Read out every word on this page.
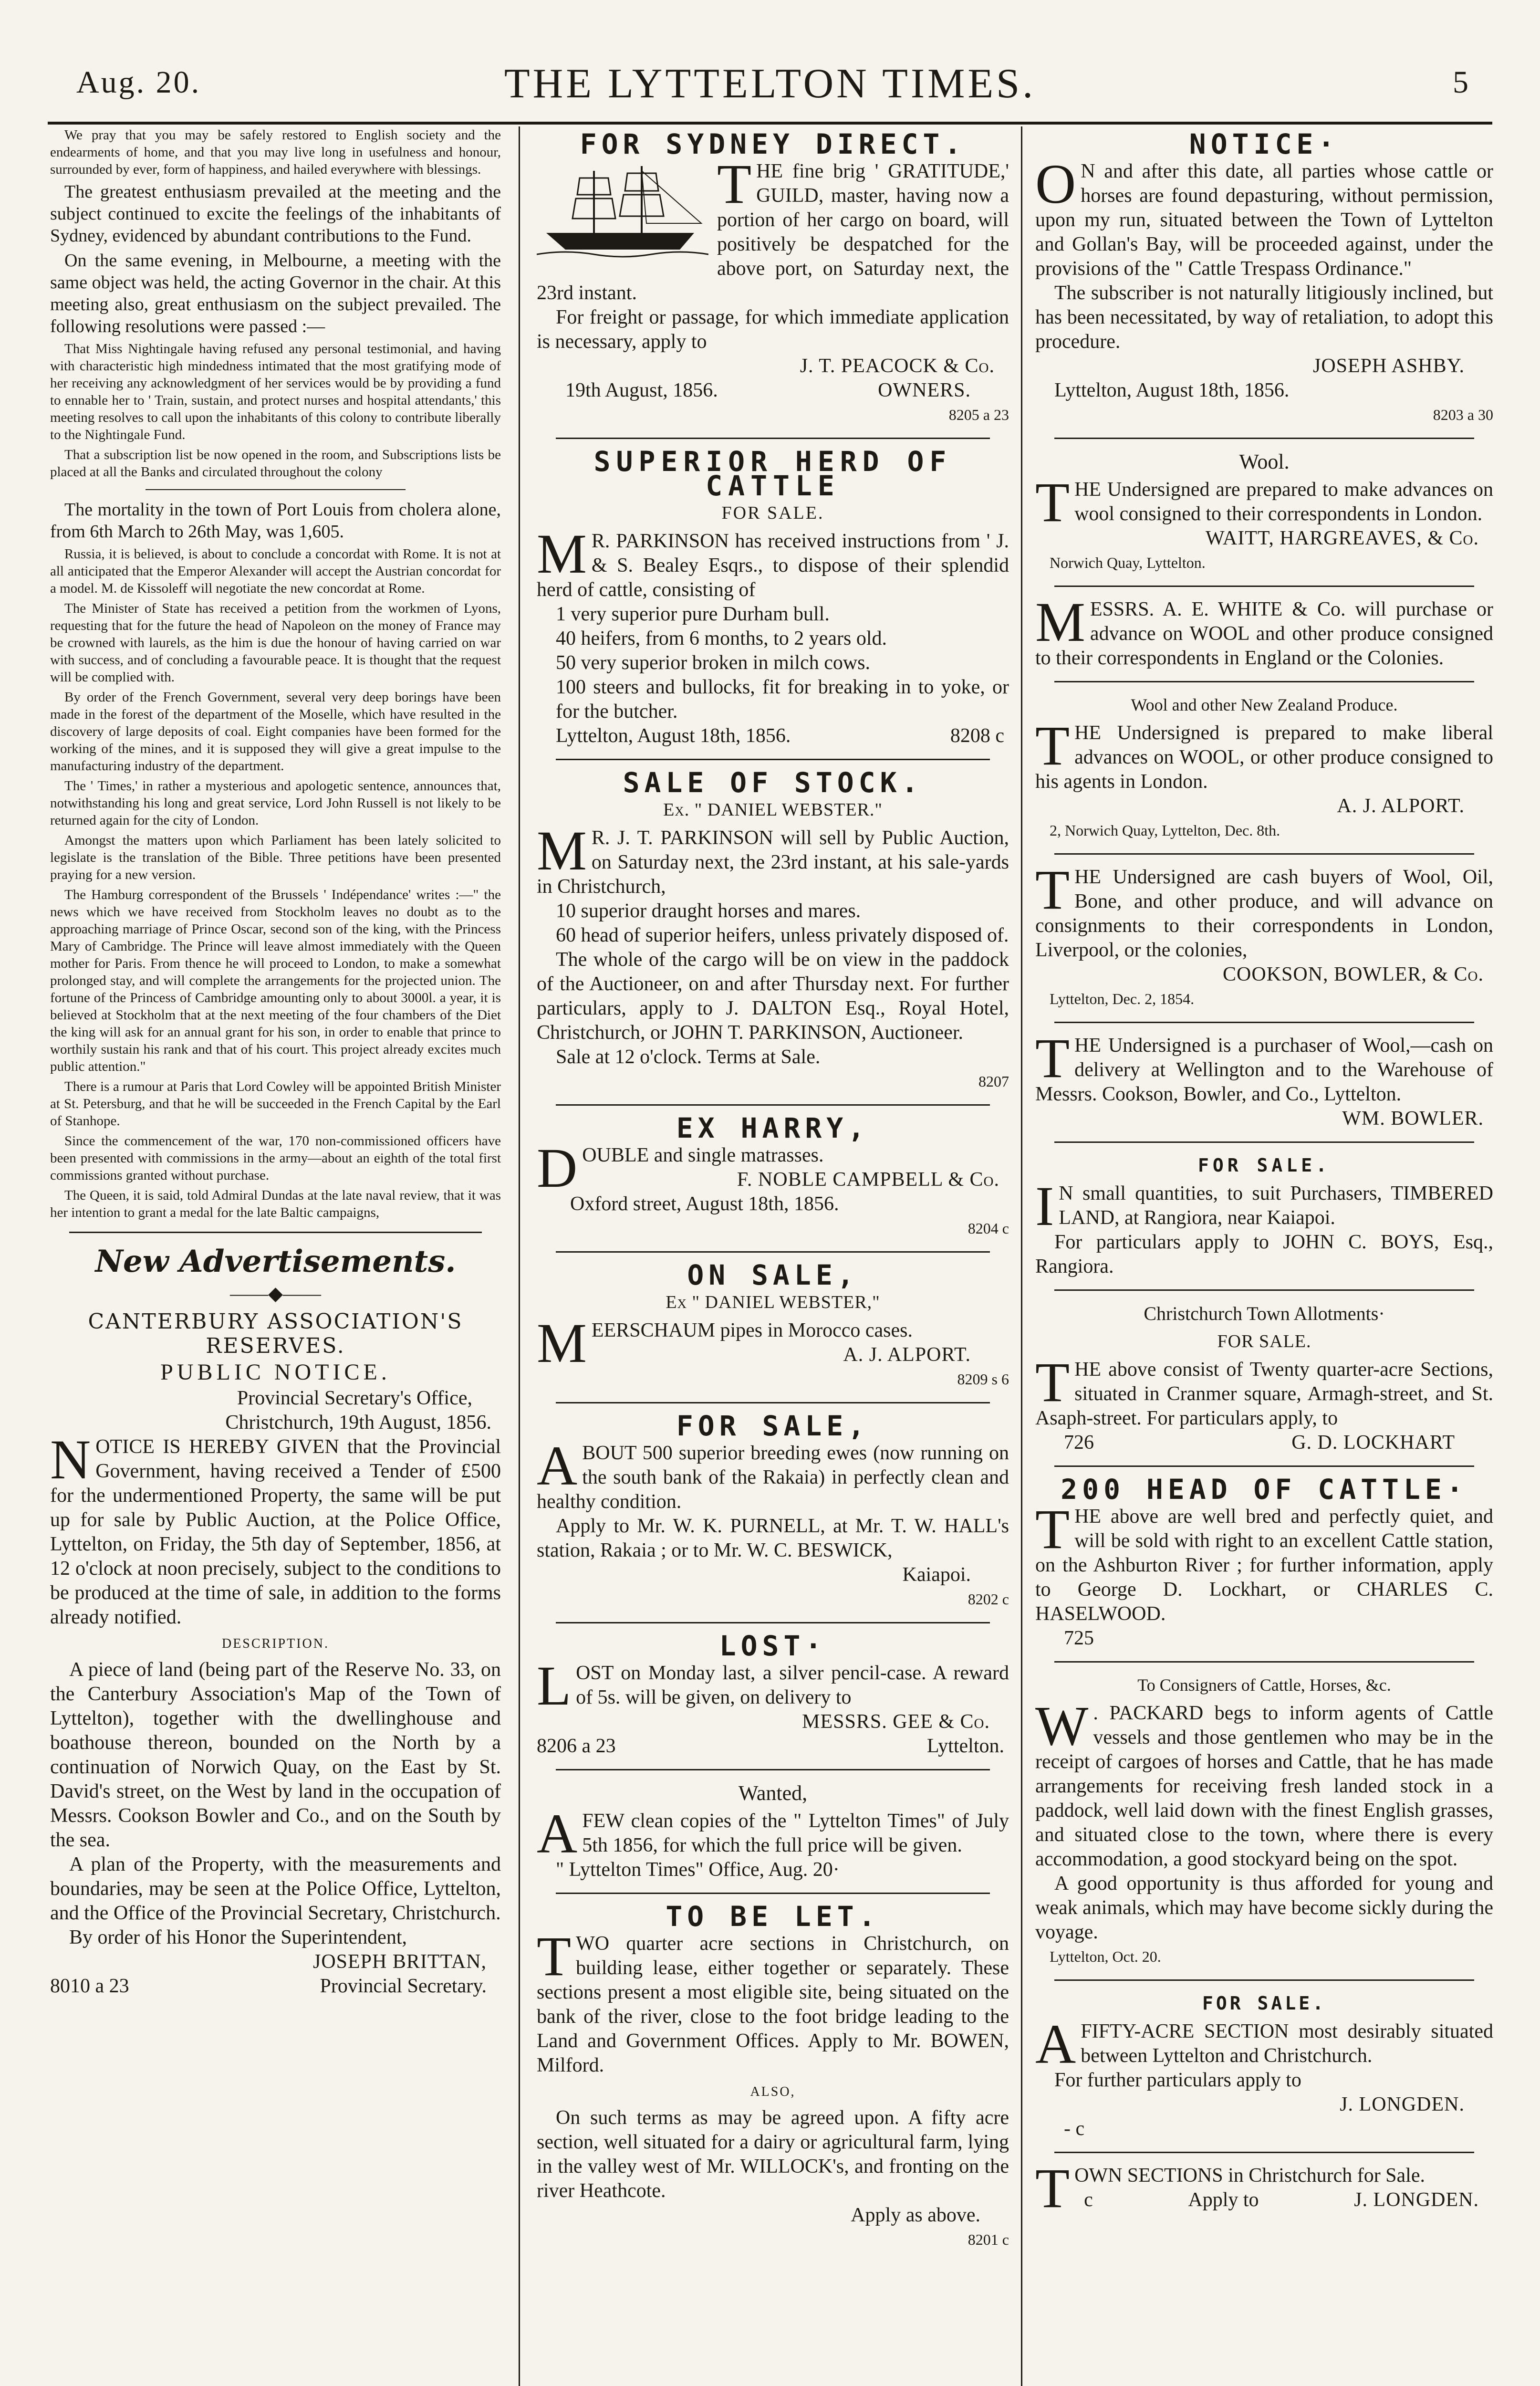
Aug. 20.	THE LYTTELTON TIMES.	5

We pray that you may be safely restored to English society and the endearments of home, and that you may live long in usefulness and honour, surrounded by ever, form of happiness, and hailed everywhere with blessings.

The greatest enthusiasm prevailed at the meeting and the subject continued to excite the feelings of the inhabitants of Sydney, evidenced by abundant contributions to the Fund.

On the same evening, in Melbourne, a meeting with the same object was held, the acting Governor in the chair. At this meeting also, great enthusiasm on the subject prevailed. The following resolutions were passed :—

That Miss Nightingale having refused any personal testimonial, and having with characteristic high mindedness intimated that the most gratifying mode of her receiving any acknowledgment of her services would be by providing a fund to ennable her to ' Train, sustain, and protect nurses and hospital attendants,' this meeting resolves to call upon the inhabitants of this colony to contribute liberally to the Nightingale Fund.

That a subscription list be now opened in the room, and Subscriptions lists be placed at all the Banks and circulated throughout the colony

The mortality in the town of Port Louis from cholera alone, from 6th March to 26th May, was 1,605.

Russia, it is believed, is about to conclude a concordat with Rome. It is not at all anticipated that the Emperor Alexander will accept the Austrian concordat for a model. M. de Kissoleff will negotiate the new concordat at Rome.

The Minister of State has received a petition from the workmen of Lyons, requesting that for the future the head of Napoleon on the money of France may be crowned with laurels, as the him is due the honour of having carried on war with success, and of concluding a favourable peace. It is thought that the request will be complied with.

By order of the French Government, several very deep borings have been made in the forest of the department of the Moselle, which have resulted in the discovery of large deposits of coal. Eight companies have been formed for the working of the mines, and it is supposed they will give a great impulse to the manufacturing industry of the department.

The ' Times,' in rather a mysterious and apologetic sentence, announces that, notwithstanding his long and great service, Lord John Russell is not likely to be returned again for the city of London.

Amongst the matters upon which Parliament has been lately solicited to legislate is the translation of the Bible. Three petitions have been presented praying for a new version.

The Hamburg correspondent of the Brussels ' Indépendance' writes :—" the news which we have received from Stockholm leaves no doubt as to the approaching marriage of Prince Oscar, second son of the king, with the Princess Mary of Cambridge. The Prince will leave almost immediately with the Queen mother for Paris. From thence he will proceed to London, to make a somewhat prolonged stay, and will complete the arrangements for the projected union. The fortune of the Princess of Cambridge amounting only to about 3000l. a year, it is believed at Stockholm that at the next meeting of the four chambers of the Diet the king will ask for an annual grant for his son, in order to enable that prince to worthily sustain his rank and that of his court. This project already excites much public attention."

There is a rumour at Paris that Lord Cowley will be appointed British Minister at St. Petersburg, and that he will be succeeded in the French Capital by the Earl of Stanhope.

Since the commencement of the war, 170 non-commissioned officers have been presented with commissions in the army—about an eighth of the total first commissions granted without purchase.

The Queen, it is said, told Admiral Dundas at the late naval review, that it was her intention to grant a medal for the late Baltic campaigns,

New Advertisements.
——◆——
CANTERBURY ASSOCIATION'S RESERVES.
PUBLIC NOTICE.
Provincial Secretary's Office,
Christchurch, 19th August, 1856.

NOTICE IS HEREBY GIVEN that the Provincial Government, having received a Tender of £500 for the undermentioned Property, the same will be put up for sale by Public Auction, at the Police Office, Lyttelton, on Friday, the 5th day of September, 1856, at 12 o'clock at noon precisely, subject to the conditions to be produced at the time of sale, in addition to the forms already notified.

DESCRIPTION.

A piece of land (being part of the Reserve No. 33, on the Canterbury Association's Map of the Town of Lyttelton), together with the dwellinghouse and boathouse thereon, bounded on the North by a continuation of Norwich Quay, on the East by St. David's street, on the West by land in the occupation of Messrs. Cookson Bowler and Co., and on the South by the sea.

A plan of the Property, with the measurements and boundaries, may be seen at the Police Office, Lyttelton, and the Office of the Provincial Secretary, Christchurch.

By order of his Honor the Superintendent,

JOSEPH BRITTAN,
8010 a 23	Provincial Secretary.
FOR SYDNEY DIRECT.

THE fine brig ' GRATITUDE,' GUILD, master, having now a portion of her cargo on board, will positively be despatched for the above port, on Saturday next, the 23rd instant.

For freight or passage, for which immediate application is necessary, apply to

J. T. PEACOCK & Co.
19th August, 1856.	OWNERS.
8205 a 23
SUPERIOR HERD OF CATTLE
FOR SALE.

M R. PARKINSON has received instructions from ' J. & S. Bealey Esqrs., to dispose of their splendid herd of cattle, consisting of

1 very superior pure Durham bull.
40 heifers, from 6 months, to 2 years old.
50 very superior broken in milch cows.
100 steers and bullocks, fit for breaking in to yoke, or for the butcher.
Lyttelton, August 18th, 1856.	8208 c
SALE OF STOCK.
Ex. " DANIEL WEBSTER."

M R. J. T. PARKINSON will sell by Public Auction, on Saturday next, the 23rd instant, at his sale-yards in Christchurch,

10 superior draught horses and mares.
60 head of superior heifers, unless privately disposed of.

The whole of the cargo will be on view in the paddock of the Auctioneer, on and after Thursday next. For further particulars, apply to J. DALTON Esq., Royal Hotel, Christchurch, or JOHN T. PARKINSON, Auctioneer.

Sale at 12 o'clock. Terms at Sale.

8207
EX HARRY,

DOUBLE and single matrasses.

F. NOBLE CAMPBELL & Co.
Oxford street, August 18th, 1856.
8204 c
ON SALE,
Ex " DANIEL WEBSTER,"

MEERSCHAUM pipes in Morocco cases.

A. J. ALPORT.
8209 s 6
FOR SALE,

ABOUT 500 superior breeding ewes (now running on the south bank of the Rakaia) in perfectly clean and healthy condition.

Apply to Mr. W. K. PURNELL, at Mr. T. W. HALL's station, Rakaia ; or to Mr. W. C. BESWICK,

Kaiapoi.
8202 c
LOST·

LOST on Monday last, a silver pencil-case. A reward of 5s. will be given, on delivery to

MESSRS. GEE & Co.
8206 a 23	Lyttelton.
Wanted,

AFEW clean copies of the " Lyttelton Times" of July 5th 1856, for which the full price will be given.

" Lyttelton Times" Office, Aug. 20·

TO BE LET.

TWO quarter acre sections in Christchurch, on building lease, either together or separately. These sections present a most eligible site, being situated on the bank of the river, close to the foot bridge leading to the Land and Government Offices. Apply to Mr. BOWEN, Milford.

ALSO,

On such terms as may be agreed upon. A fifty acre section, well situated for a dairy or agricultural farm, lying in the valley west of Mr. WILLOCK's, and fronting on the river Heathcote.

Apply as above.
8201 c
NOTICE·

O N and after this date, all parties whose cattle or horses are found depasturing, without permission, upon my run, situated between the Town of Lyttelton and Gollan's Bay, will be proceeded against, under the provisions of the " Cattle Trespass Ordinance."

The subscriber is not naturally litigiously inclined, but has been necessitated, by way of retaliation, to adopt this procedure.

JOSEPH ASHBY.

Lyttelton, August 18th, 1856.

8203 a 30
Wool.

THE Undersigned are prepared to make advances on wool consigned to their correspondents in London.

WAITT, HARGREAVES, & Co.
Norwich Quay, Lyttelton.

MESSRS. A. E. WHITE & Co. will purchase or advance on WOOL and other produce consigned to their correspondents in England or the Colonies.

Wool and other New Zealand Produce.

THE Undersigned is prepared to make liberal advances on WOOL, or other produce consigned to his agents in London.

A. J. ALPORT.
2, Norwich Quay, Lyttelton, Dec. 8th.

THE Undersigned are cash buyers of Wool, Oil, Bone, and other produce, and will advance on consignments to their correspondents in London, Liverpool, or the colonies,

COOKSON, BOWLER, & Co.
Lyttelton, Dec. 2, 1854.

THE Undersigned is a purchaser of Wool,—cash on delivery at Wellington and to the Warehouse of Messrs. Cookson, Bowler, and Co., Lyttelton.

WM. BOWLER.
FOR SALE.

I N small quantities, to suit Purchasers, TIMBERED LAND, at Rangiora, near Kaiapoi.

For particulars apply to JOHN C. BOYS, Esq., Rangiora.

Christchurch Town Allotments·
FOR SALE.

THE above consist of Twenty quarter-acre Sections, situated in Cranmer square, Armagh-street, and St. Asaph-street. For particulars apply, to

726	G. D. LOCKHART
200 HEAD OF CATTLE·

THE above are well bred and perfectly quiet, and will be sold with right to an excellent Cattle station, on the Ashburton River ; for further information, apply to George D. Lockhart, or CHARLES C. HASELWOOD.

725
To Consigners of Cattle, Horses, &c.

W . PACKARD begs to inform agents of Cattle vessels and those gentlemen who may be in the receipt of cargoes of horses and Cattle, that he has made arrangements for receiving fresh landed stock in a paddock, well laid down with the finest English grasses, and situated close to the town, where there is every accommodation, a good stockyard being on the spot.

A good opportunity is thus afforded for young and weak animals, which may have become sickly during the voyage.

Lyttelton, Oct. 20.
FOR SALE.

AFIFTY-ACRE SECTION most desirably situated between Lyttelton and Christchurch.

For further particulars apply to

J. LONGDEN.
- c

TOWN SECTIONS in Christchurch for Sale.

c	Apply to	J. LONGDEN.
